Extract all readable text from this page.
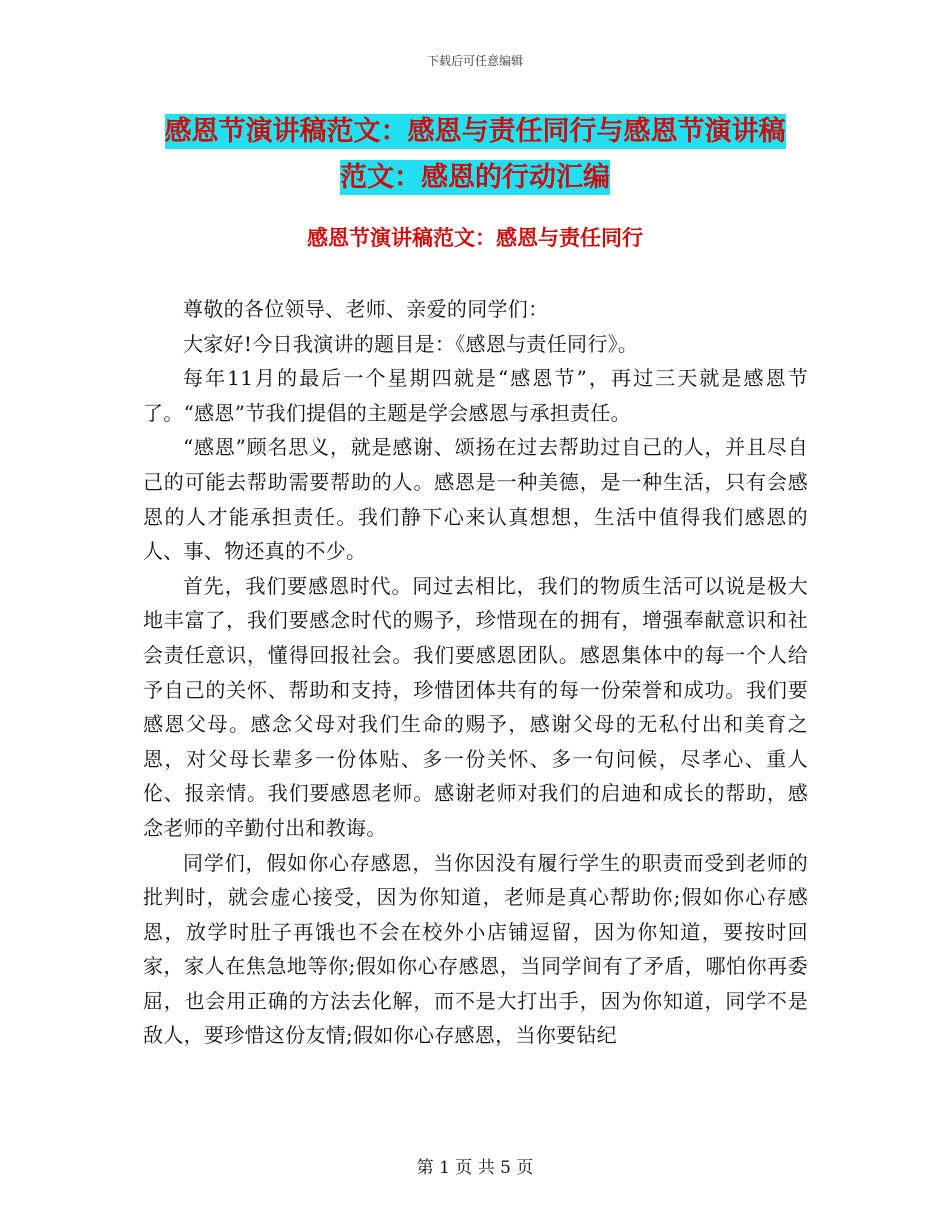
下载后可任意编辑
感恩节演讲稿范文：感恩与责任同行与感恩节演讲稿
范文：感恩的行动汇编
感恩节演讲稿范文：感恩与责任同行

尊敬的各位领导、老师、亲爱的同学们：

大家好!今日我演讲的题目是：《感恩与责任同行》。

每年11月的最后一个星期四就是“感恩节”，再过三天就是感恩节了。“感恩”节我们提倡的主题是学会感恩与承担责任。

“感恩”顾名思义，就是感谢、颂扬在过去帮助过自己的人，并且尽自己的可能去帮助需要帮助的人。感恩是一种美德，是一种生活，只有会感恩的人才能承担责任。我们静下心来认真想想，生活中值得我们感恩的人、事、物还真的不少。

首先，我们要感恩时代。同过去相比，我们的物质生活可以说是极大地丰富了，我们要感念时代的赐予，珍惜现在的拥有，增强奉献意识和社会责任意识，懂得回报社会。我们要感恩团队。感恩集体中的每一个人给予自己的关怀、帮助和支持，珍惜团体共有的每一份荣誉和成功。我们要感恩父母。感念父母对我们生命的赐予，感谢父母的无私付出和美育之恩，对父母长辈多一份体贴、多一份关怀、多一句问候，尽孝心、重人伦、报亲情。我们要感恩老师。感谢老师对我们的启迪和成长的帮助，感念老师的辛勤付出和教诲。

同学们，假如你心存感恩，当你因没有履行学生的职责而受到老师的批判时，就会虚心接受，因为你知道，老师是真心帮助你;假如你心存感恩，放学时肚子再饿也不会在校外小店铺逗留，因为你知道，要按时回家，家人在焦急地等你;假如你心存感恩，当同学间有了矛盾，哪怕你再委屈，也会用正确的方法去化解，而不是大打出手，因为你知道，同学不是敌人，要珍惜这份友情;假如你心存感恩，当你要钻纪

第 1 页 共 5 页
